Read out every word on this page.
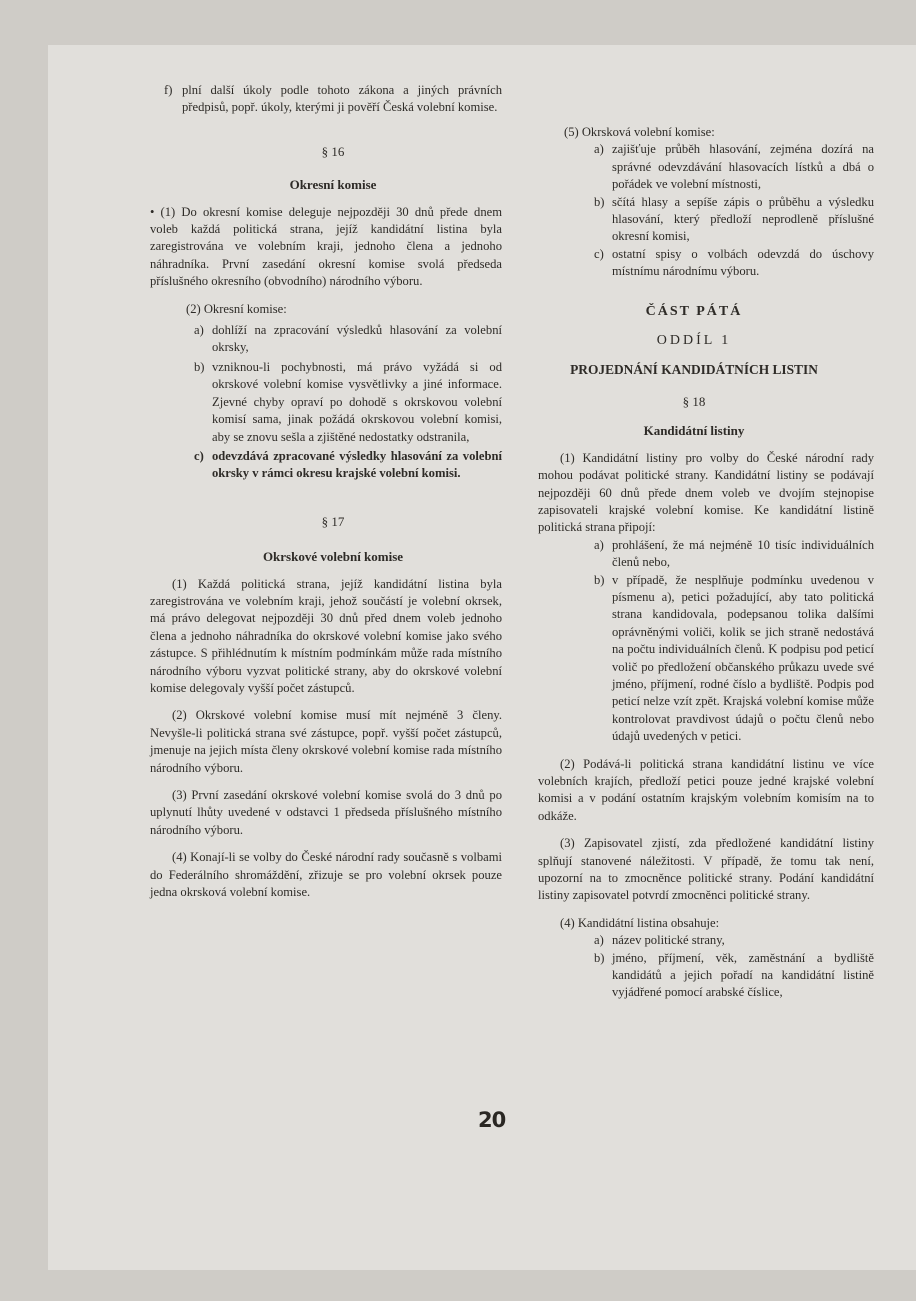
f) plní další úkoly podle tohoto zákona a jiných právních předpisů, popř. úkoly, kterými ji pověří Česká volební komise.
§ 16
Okresní komise

• (1) Do okresní komise deleguje nejpozději 30 dnů přede dnem voleb každá politická strana, jejíž kandidátní listina byla zaregistrována ve volebním kraji, jednoho člena a jednoho náhradníka. První zasedání okresní komise svolá předseda příslušného okresního (obvodního) národního výboru.

(2) Okresní komise:

a) dohlíží na zpracování výsledků hlasování za volební okrsky,
b) vzniknou-li pochybnosti, má právo vyžádá si od okrskové volební komise vysvětlivky a jiné informace. Zjevné chyby opraví po dohodě s okrskovou volební komisí sama, jinak požádá okrskovou volební komisi, aby se znovu sešla a zjištěné nedostatky odstranila,
c) odevzdává zpracované výsledky hlasování za volební okrsky v rámci okresu krajské volební komisi.
§ 17
Okrskové volební komise

(1) Každá politická strana, jejíž kandidátní listina byla zaregistrována ve volebním kraji, jehož součástí je volební okrsek, má právo delegovat nejpozději 30 dnů před dnem voleb jednoho člena a jednoho náhradníka do okrskové volební komise jako svého zástupce. S přihlédnutím k místním podmínkám může rada místního národního výboru vyzvat politické strany, aby do okrskové volební komise delegovaly vyšší počet zástupců.

(2) Okrskové volební komise musí mít nejméně 3 členy. Nevyšle-li politická strana své zástupce, popř. vyšší počet zástupců, jmenuje na jejich místa členy okrskové volební komise rada místního národního výboru.

(3) První zasedání okrskové volební komise svolá do 3 dnů po uplynutí lhůty uvedené v odstavci 1 předseda příslušného místního národního výboru.

(4) Konají-li se volby do České národní rady současně s volbami do Federálního shromáždění, zřizuje se pro volební okrsek pouze jedna okrsková volební komise.

(5) Okrsková volební komise:

a) zajišťuje průběh hlasování, zejména dozírá na správné odevzdávání hlasovacích lístků a dbá o pořádek ve volební místnosti,
b) sčítá hlasy a sepíše zápis o průběhu a výsledku hlasování, který předloží neprodleně příslušné okresní komisi,
c) ostatní spisy o volbách odevzdá do úschovy místnímu národnímu výboru.
ČÁST PÁTÁ
ODDÍL 1
PROJEDNÁNÍ KANDIDÁTNÍCH LISTIN
§ 18
Kandidátní listiny

(1) Kandidátní listiny pro volby do České národní rady mohou podávat politické strany. Kandidátní listiny se podávají nejpozději 60 dnů přede dnem voleb ve dvojím stejnopise zapisovateli krajské volební komise. Ke kandidátní listině politická strana připojí:

a) prohlášení, že má nejméně 10 tisíc individuálních členů nebo,
b) v případě, že nesplňuje podmínku uvedenou v písmenu a), petici požadující, aby tato politická strana kandidovala, podepsanou tolika dalšími oprávněnými voliči, kolik se jich straně nedostává na počtu individuálních členů. K podpisu pod peticí volič po předložení občanského průkazu uvede své jméno, příjmení, rodné číslo a bydliště. Podpis pod peticí nelze vzít zpět. Krajská volební komise může kontrolovat pravdivost údajů o počtu členů nebo údajů uvedených v petici.

(2) Podává-li politická strana kandidátní listinu ve více volebních krajích, předloží petici pouze jedné krajské volební komisi a v podání ostatním krajským volebním komisím na to odkáže.

(3) Zapisovatel zjistí, zda předložené kandidátní listiny splňují stanovené náležitosti. V případě, že tomu tak není, upozorní na to zmocněnce politické strany. Podání kandidátní listiny zapisovatel potvrdí zmocněnci politické strany.

(4) Kandidátní listina obsahuje:

a) název politické strany,
b) jméno, příjmení, věk, zaměstnání a bydliště kandidátů a jejich pořadí na kandidátní listině vyjádřené pomocí arabské číslice,
20
